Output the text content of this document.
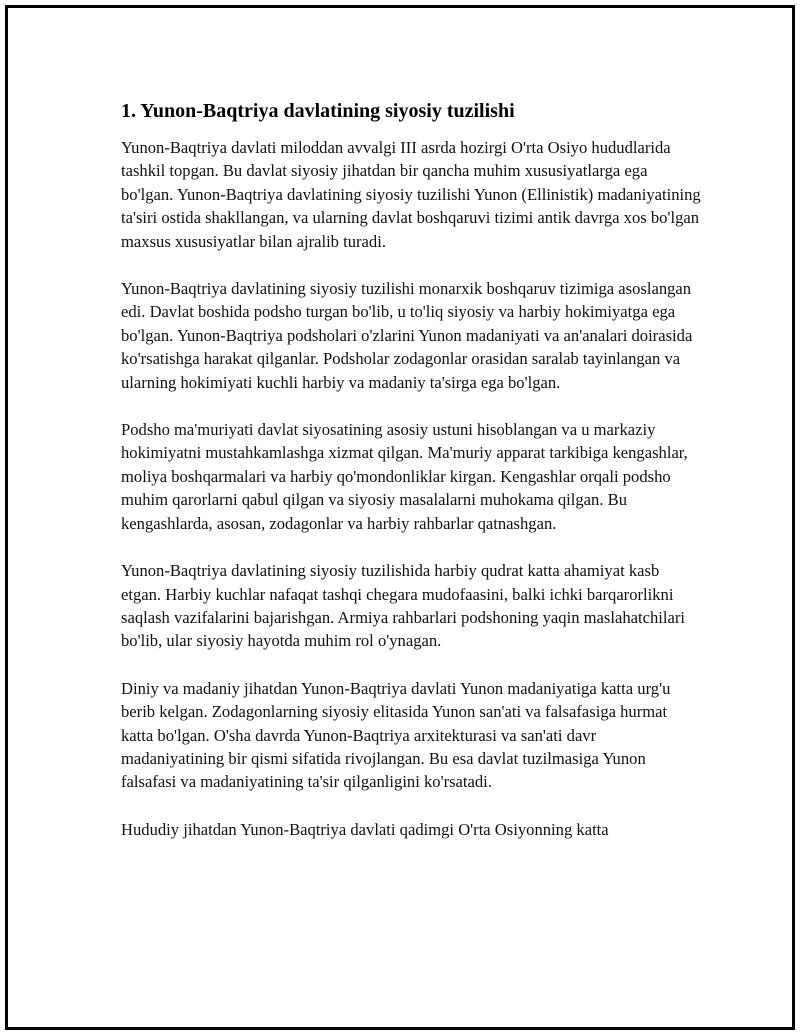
1. Yunon-Baqtriya davlatining siyosiy tuzilishi

Yunon-Baqtriya davlati miloddan avvalgi III asrda hozirgi O'rta Osiyo hududlarida tashkil topgan. Bu davlat siyosiy jihatdan bir qancha muhim xususiyatlarga ega bo'lgan. Yunon-Baqtriya davlatining siyosiy tuzilishi Yunon (Ellinistik) madaniyatining ta'siri ostida shakllangan, va ularning davlat boshqaruvi tizimi antik davrga xos bo'lgan maxsus xususiyatlar bilan ajralib turadi.

Yunon-Baqtriya davlatining siyosiy tuzilishi monarxik boshqaruv tizimiga asoslangan edi. Davlat boshida podsho turgan bo'lib, u to'liq siyosiy va harbiy hokimiyatga ega bo'lgan. Yunon-Baqtriya podsholari o'zlarini Yunon madaniyati va an'analari doirasida ko'rsatishga harakat qilganlar. Podsholar zodagonlar orasidan saralab tayinlangan va ularning hokimiyati kuchli harbiy va madaniy ta'sirga ega bo'lgan.

Podsho ma'muriyati davlat siyosatining asosiy ustuni hisoblangan va u markaziy hokimiyatni mustahkamlashga xizmat qilgan. Ma'muriy apparat tarkibiga kengashlar, moliya boshqarmalari va harbiy qo'mondonliklar kirgan. Kengashlar orqali podsho muhim qarorlarni qabul qilgan va siyosiy masalalarni muhokama qilgan. Bu kengashlarda, asosan, zodagonlar va harbiy rahbarlar qatnashgan.

Yunon-Baqtriya davlatining siyosiy tuzilishida harbiy qudrat katta ahamiyat kasb etgan. Harbiy kuchlar nafaqat tashqi chegara mudofaasini, balki ichki barqarorlikni saqlash vazifalarini bajarishgan. Armiya rahbarlari podshoning yaqin maslahatchilari bo'lib, ular siyosiy hayotda muhim rol o'ynagan.

Diniy va madaniy jihatdan Yunon-Baqtriya davlati Yunon madaniyatiga katta urg'u berib kelgan. Zodagonlarning siyosiy elitasida Yunon san'ati va falsafasiga hurmat katta bo'lgan. O'sha davrda Yunon-Baqtriya arxitekturasi va san'ati davr madaniyatining bir qismi sifatida rivojlangan. Bu esa davlat tuzilmasiga Yunon falsafasi va madaniyatining ta'sir qilganligini ko'rsatadi.

Hududiy jihatdan Yunon-Baqtriya davlati qadimgi O'rta Osiyonning katta
